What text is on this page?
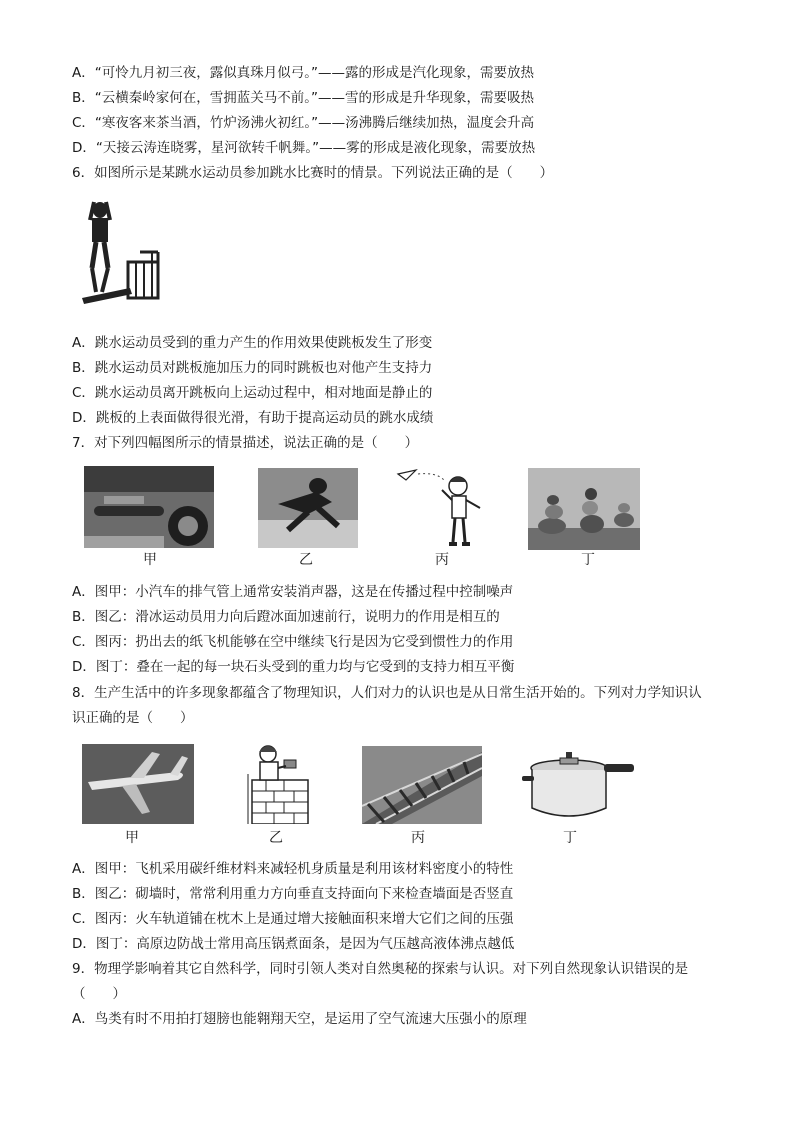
A．“可怜九月初三夜，露似真珠月似弓。”——露的形成是汽化现象，需要放热
B．“云横秦岭家何在，雪拥蓝关马不前。”——雪的形成是升华现象，需要吸热
C．“寒夜客来茶当酒，竹炉汤沸火初红。”——汤沸腾后继续加热，温度会升高
D．“天接云涛连晓雾，星河欲转千帆舞。”——雾的形成是液化现象，需要放热
6．如图所示是某跳水运动员参加跳水比赛时的情景。下列说法正确的是（　　）
A．跳水运动员受到的重力产生的作用效果使跳板发生了形变
B．跳水运动员对跳板施加压力的同时跳板也对他产生支持力
C．跳水运动员离开跳板向上运动过程中，相对地面是静止的
D．跳板的上表面做得很光滑，有助于提高运动员的跳水成绩
7．对下列四幅图所示的情景描述，说法正确的是（　　）
甲	乙	丙	丁
A．图甲：小汽车的排气管上通常安装消声器，这是在传播过程中控制噪声
B．图乙：滑冰运动员用力向后蹬冰面加速前行，说明力的作用是相互的
C．图丙：扔出去的纸飞机能够在空中继续飞行是因为它受到惯性力的作用
D．图丁：叠在一起的每一块石头受到的重力均与它受到的支持力相互平衡
8．生产生活中的许多现象都蕴含了物理知识，人们对力的认识也是从日常生活开始的。下列对力学知识认
识正确的是（　　）
甲	乙	丙	丁
A．图甲：飞机采用碳纤维材料来减轻机身质量是利用该材料密度小的特性
B．图乙：砌墙时，常常利用重力方向垂直支持面向下来检查墙面是否竖直
C．图丙：火车轨道铺在枕木上是通过增大接触面积来增大它们之间的压强
D．图丁：高原边防战士常用高压锅煮面条，是因为气压越高液体沸点越低
9．物理学影响着其它自然科学，同时引领人类对自然奥秘的探索与认识。对下列自然现象认识错误的是
（　　）
A．鸟类有时不用拍打翅膀也能翱翔天空，是运用了空气流速大压强小的原理
